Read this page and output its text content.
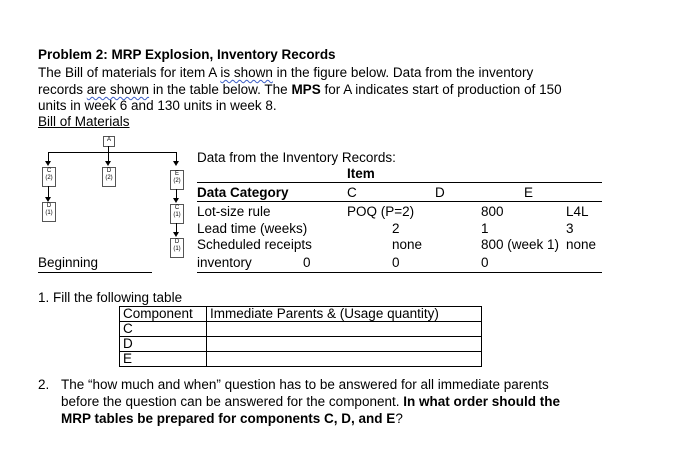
Problem 2: MRP Explosion, Inventory Records
The Bill of materials for item A is shown in the figure below. Data from the inventory
records are shown in the table below. The MPS for A indicates start of production of 150
units in week 6 and 130 units in week 8.
Bill of Materials
A
C
(2)
D
(2)
E
(2)
D
(1)
C
(1)
D
(1)
Data from the Inventory Records:
Item
Data Category	C	D	E
Lot-size rule	POQ (P=2)	800	L4L
Lead time (weeks)	2	1	3
Scheduled receipts	none	800 (week 1) none
Beginning	inventory	0	0	0
1. Fill the following table
Component	Immediate Parents & (Usage quantity)
C	
D	
E	
2. The “how much and when” question has to be answered for all immediate parents
before the question can be answered for the component. In what order should the
MRP tables be prepared for components C, D, and E?
